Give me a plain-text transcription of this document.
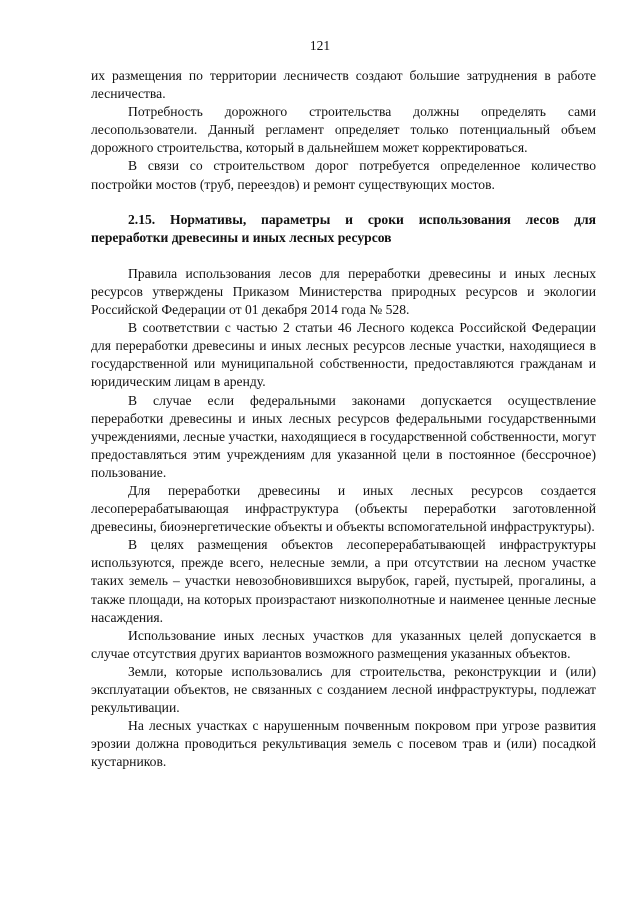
121

их размещения по территории лесничеств создают большие затруднения в работе лесничества.

Потребность дорожного строительства должны определять сами лесопользователи. Данный регламент определяет только потенциальный объем дорожного строительства, который в дальнейшем может корректироваться.

В связи со строительством дорог потребуется определенное количество постройки мостов (труб, переездов) и ремонт существующих мостов.

2.15. Нормативы, параметры и сроки использования лесов для переработки древесины и иных лесных ресурсов

Правила использования лесов для переработки древесины и иных лесных ресурсов утверждены Приказом Министерства природных ресурсов и экологии Российской Федерации от 01 декабря 2014 года № 528.

В соответствии с частью 2 статьи 46 Лесного кодекса Российской Федерации для переработки древесины и иных лесных ресурсов лесные участки, находящиеся в государственной или муниципальной собственности, предоставляются гражданам и юридическим лицам в аренду.

В случае если федеральными законами допускается осуществление переработки древесины и иных лесных ресурсов федеральными государственными учреждениями, лесные участки, находящиеся в государственной собственности, могут предоставляться этим учреждениям для указанной цели в постоянное (бессрочное) пользование.

Для переработки древесины и иных лесных ресурсов создается лесоперерабатывающая инфраструктура (объекты переработки заготовленной древесины, биоэнергетические объекты и объекты вспомогательной инфраструктуры).

В целях размещения объектов лесоперерабатывающей инфраструктуры используются, прежде всего, нелесные земли, а при отсутствии на лесном участке таких земель – участки невозобновившихся вырубок, гарей, пустырей, прогалины, а также площади, на которых произрастают низкополнотные и наименее ценные лесные насаждения.

Использование иных лесных участков для указанных целей допускается в случае отсутствия других вариантов возможного размещения указанных объектов.

Земли, которые использовались для строительства, реконструкции и (или) эксплуатации объектов, не связанных с созданием лесной инфраструктуры, подлежат рекультивации.

На лесных участках с нарушенным почвенным покровом при угрозе развития эрозии должна проводиться рекультивация земель с посевом трав и (или) посадкой кустарников.
